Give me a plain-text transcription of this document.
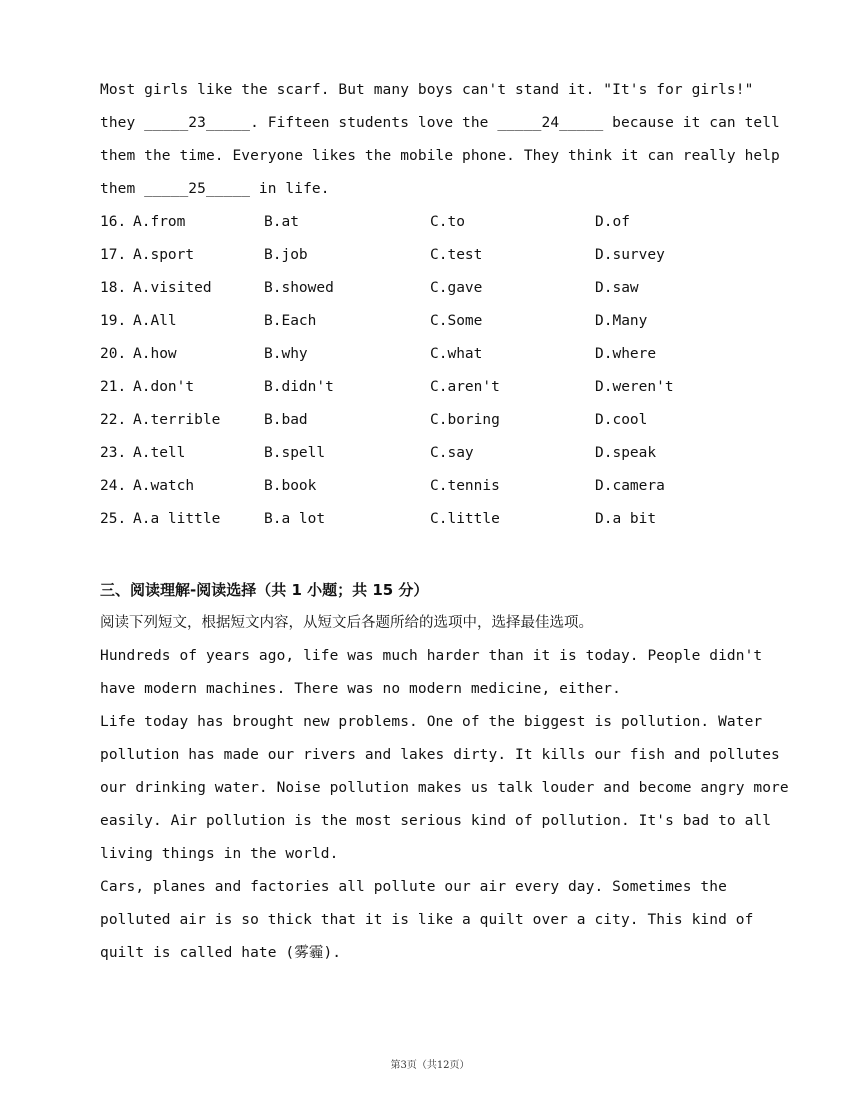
Most girls like the scarf. But many boys can't stand it. "It's for girls!"
they _____23_____. Fifteen students love the _____24_____ because it can tell
them the time. Everyone likes the mobile phone. They think it can really help
them _____25_____ in life.
16. A.from	B.at	C.to	D.of
17. A.sport	B.job	C.test	D.survey
18. A.visited	B.showed	C.gave	D.saw
19. A.All	B.Each	C.Some	D.Many
20. A.how	B.why	C.what	D.where
21. A.don't	B.didn't	C.aren't	D.weren't
22. A.terrible	B.bad	C.boring	D.cool
23. A.tell	B.spell	C.say	D.speak
24. A.watch	B.book	C.tennis	D.camera
25. A.a little	B.a lot	C.little	D.a bit
三、阅读理解-阅读选择（共 1 小题；共 15 分）
阅读下列短文，根据短文内容，从短文后各题所给的选项中，选择最佳选项。
Hundreds of years ago, life was much harder than it is today. People didn't
have modern machines. There was no modern medicine, either.
Life today has brought new problems. One of the biggest is pollution. Water
pollution has made our rivers and lakes dirty. It kills our fish and pollutes
our drinking water. Noise pollution makes us talk louder and become angry more
easily. Air pollution is the most serious kind of pollution. It's bad to all
living things in the world.
Cars, planes and factories all pollute our air every day. Sometimes the
polluted air is so thick that it is like a quilt over a city. This kind of
quilt is called hate (雾霾).
第3页（共12页）
